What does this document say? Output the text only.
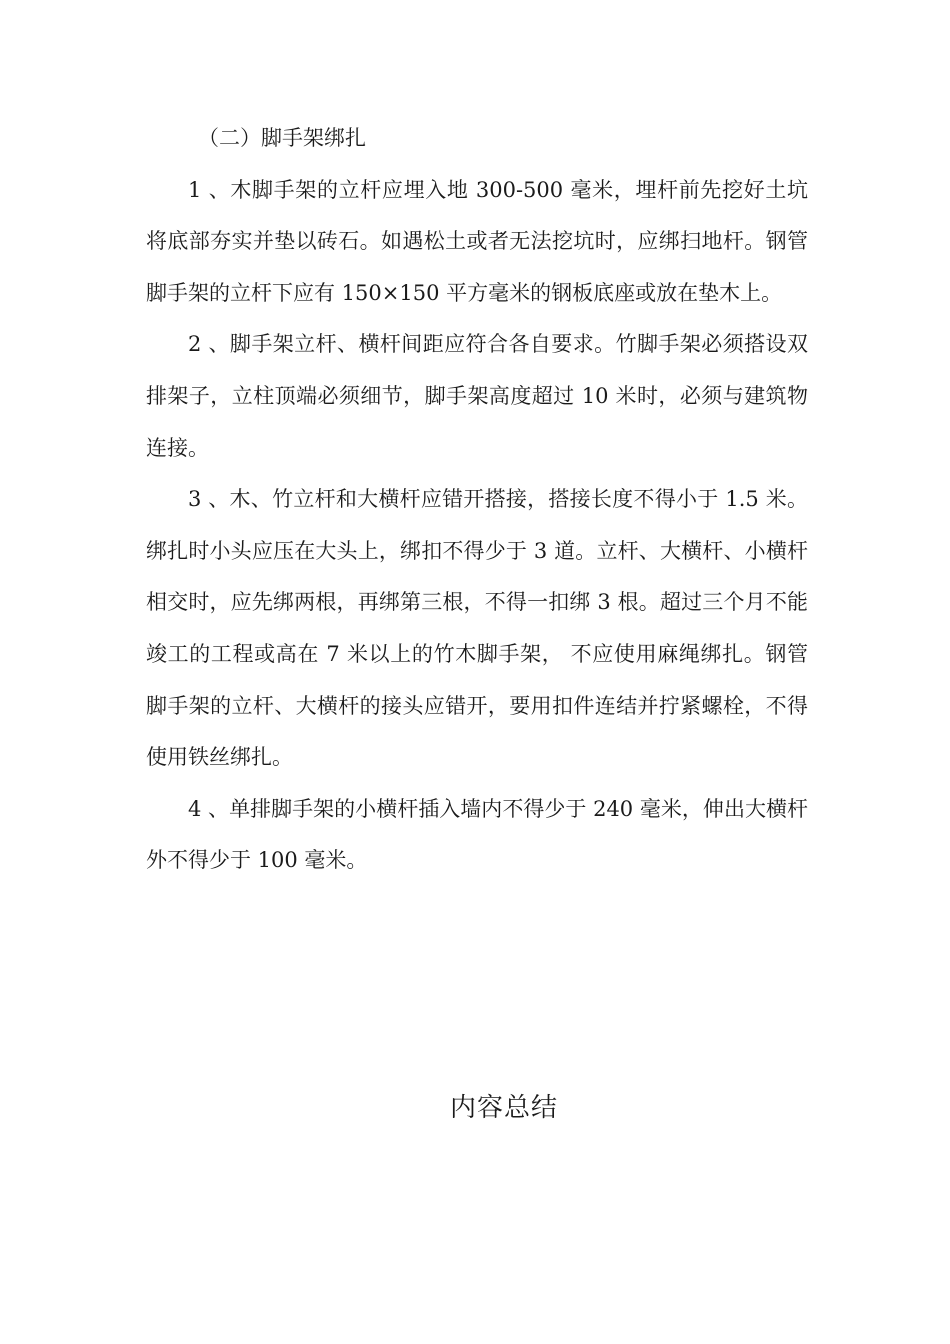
（二）脚手架绑扎

1 、木脚手架的立杆应埋入地 300-500 毫米，埋杆前先挖好土坑将底部夯实并垫以砖石。如遇松土或者无法挖坑时，应绑扫地杆。钢管脚手架的立杆下应有 150×150 平方毫米的钢板底座或放在垫木上。

2 、脚手架立杆、横杆间距应符合各自要求。竹脚手架必须搭设双排架子，立柱顶端必须细节，脚手架高度超过 10 米时，必须与建筑物连接。

3 、木、竹立杆和大横杆应错开搭接，搭接长度不得小于 1.5 米。绑扎时小头应压在大头上，绑扣不得少于 3 道。立杆、大横杆、小横杆相交时，应先绑两根，再绑第三根，不得一扣绑 3 根。超过三个月不能竣工的工程或高在 7 米以上的竹木脚手架， 不应使用麻绳绑扎。钢管脚手架的立杆、大横杆的接头应错开，要用扣件连结并拧紧螺栓，不得使用铁丝绑扎。

4 、单排脚手架的小横杆插入墙内不得少于 240 毫米，伸出大横杆外不得少于 100 毫米。

内容总结
